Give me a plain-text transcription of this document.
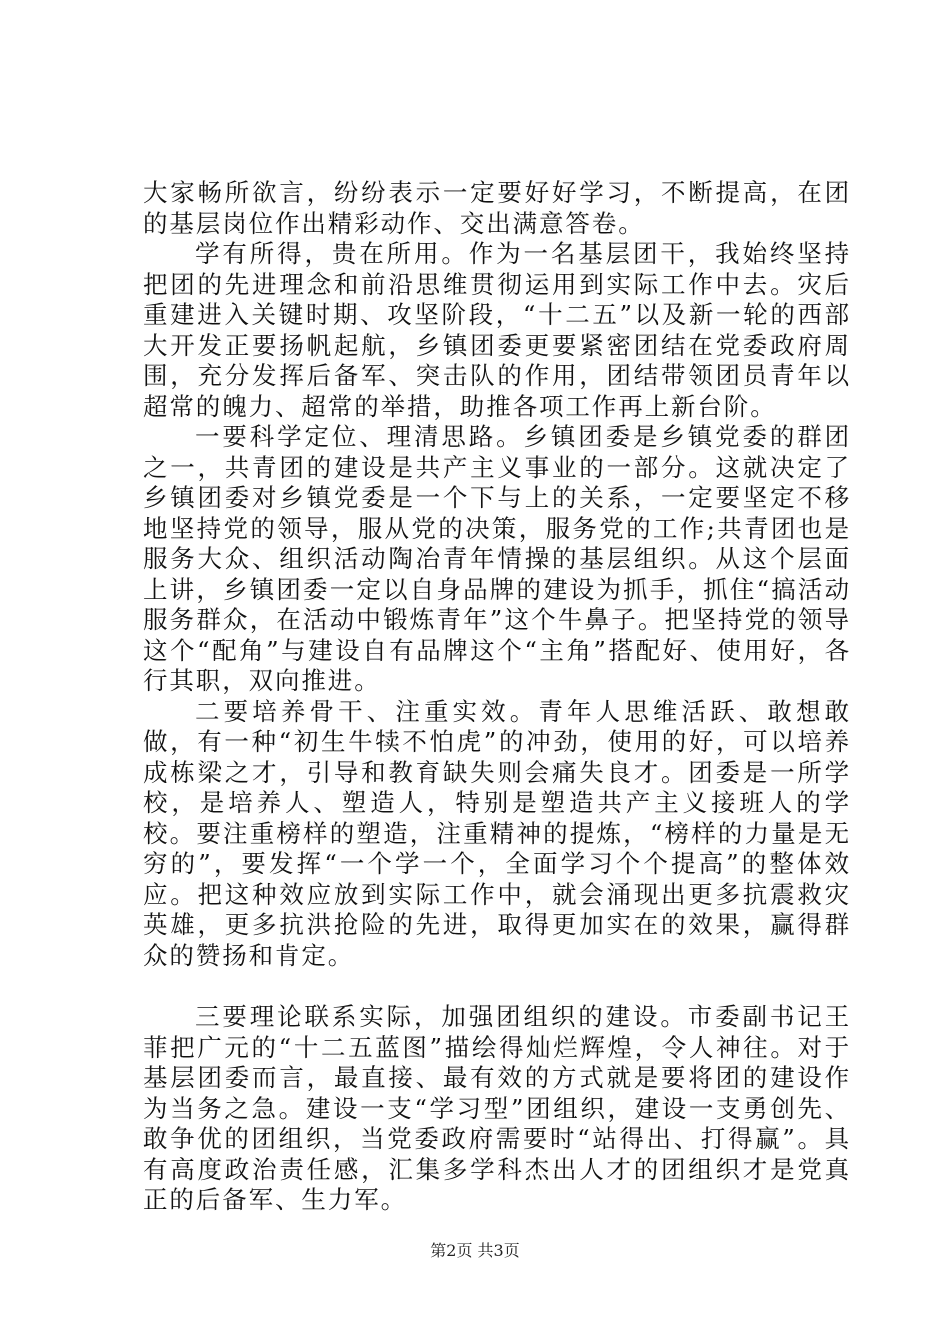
大家畅所欲言，纷纷表示一定要好好学习，不断提高，在团的基层岗位作出精彩动作、交出满意答卷。

学有所得，贵在所用。作为一名基层团干，我始终坚持把团的先进理念和前沿思维贯彻运用到实际工作中去。灾后重建进入关键时期、攻坚阶段，“十二五”以及新一轮的西部大开发正要扬帆起航，乡镇团委更要紧密团结在党委政府周围，充分发挥后备军、突击队的作用，团结带领团员青年以超常的魄力、超常的举措，助推各项工作再上新台阶。

一要科学定位、理清思路。乡镇团委是乡镇党委的群团之一，共青团的建设是共产主义事业的一部分。这就决定了乡镇团委对乡镇党委是一个下与上的关系，一定要坚定不移地坚持党的领导，服从党的决策，服务党的工作;共青团也是服务大众、组织活动陶冶青年情操的基层组织。从这个层面上讲，乡镇团委一定以自身品牌的建设为抓手，抓住“搞活动服务群众，在活动中锻炼青年”这个牛鼻子。把坚持党的领导这个“配角”与建设自有品牌这个“主角”搭配好、使用好，各行其职，双向推进。

二要培养骨干、注重实效。青年人思维活跃、敢想敢做，有一种“初生牛犊不怕虎”的冲劲，使用的好，可以培养成栋梁之才，引导和教育缺失则会痛失良才。团委是一所学校，是培养人、塑造人，特别是塑造共产主义接班人的学校。要注重榜样的塑造，注重精神的提炼，“榜样的力量是无穷的”，要发挥“一个学一个，全面学习个个提高”的整体效应。把这种效应放到实际工作中，就会涌现出更多抗震救灾英雄，更多抗洪抢险的先进，取得更加实在的效果，赢得群众的赞扬和肯定。

三要理论联系实际，加强团组织的建设。市委副书记王菲把广元的“十二五蓝图”描绘得灿烂辉煌，令人神往。对于基层团委而言，最直接、最有效的方式就是要将团的建设作为当务之急。建设一支“学习型”团组织，建设一支勇创先、敢争优的团组织，当党委政府需要时“站得出、打得赢”。具有高度政治责任感，汇集多学科杰出人才的团组织才是党真正的后备军、生力军。

第2页 共3页
